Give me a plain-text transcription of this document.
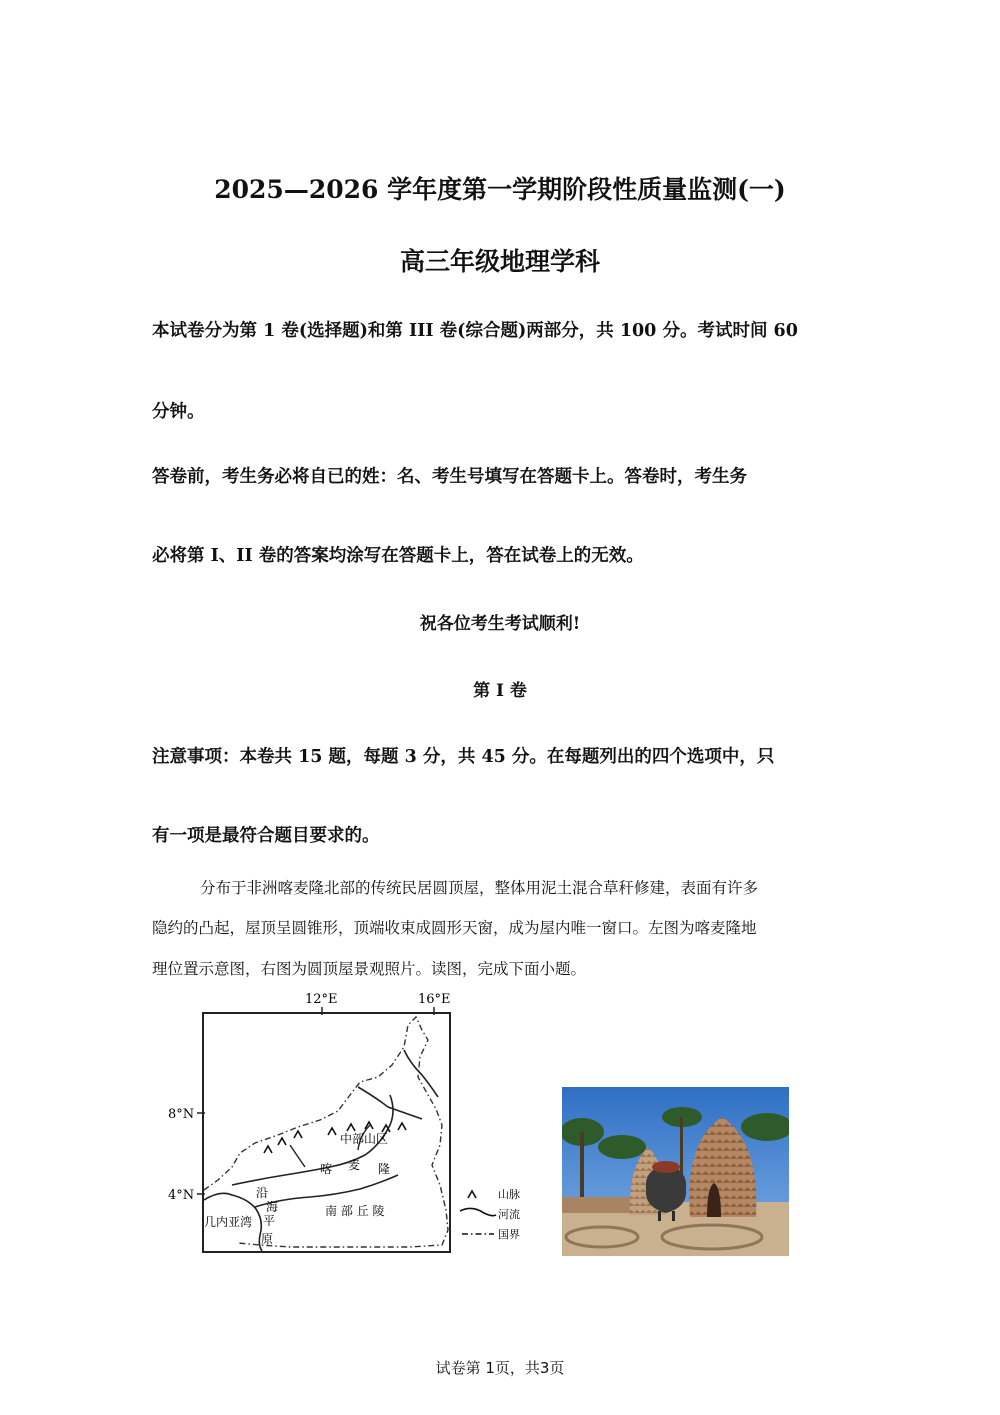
2025—2026 学年度第一学期阶段性质量监测(一)
高三年级地理学科
本试卷分为第 1 卷(选择题)和第 III 卷(综合题)两部分，共 100 分。考试时间 60
分钟。
答卷前，考生务必将自已的姓：名、考生号填写在答题卡上。答卷时，考生务
必将第 I、II 卷的答案均涂写在答题卡上，答在试卷上的无效。
祝各位考生考试顺利!
第 I 卷
注意事项：本卷共 15 题，每题 3 分，共 45 分。在每题列出的四个选项中，只
有一项是最符合题目要求的。
分布于非洲喀麦隆北部的传统民居圆顶屋，整体用泥土混合草秆修建，表面有许多
隐约的凸起，屋顶呈圆锥形，顶端收束成圆形天窗，成为屋内唯一窗口。左图为喀麦隆地
理位置示意图，右图为圆顶屋景观照片。读图，完成下面小题。
12°E	16°E
8°N
4°N
中部山区
喀 麦 隆
沿
海
平
原
南 部 丘 陵
几内亚湾
山脉
河流
国界
试卷第 1页，共3页
